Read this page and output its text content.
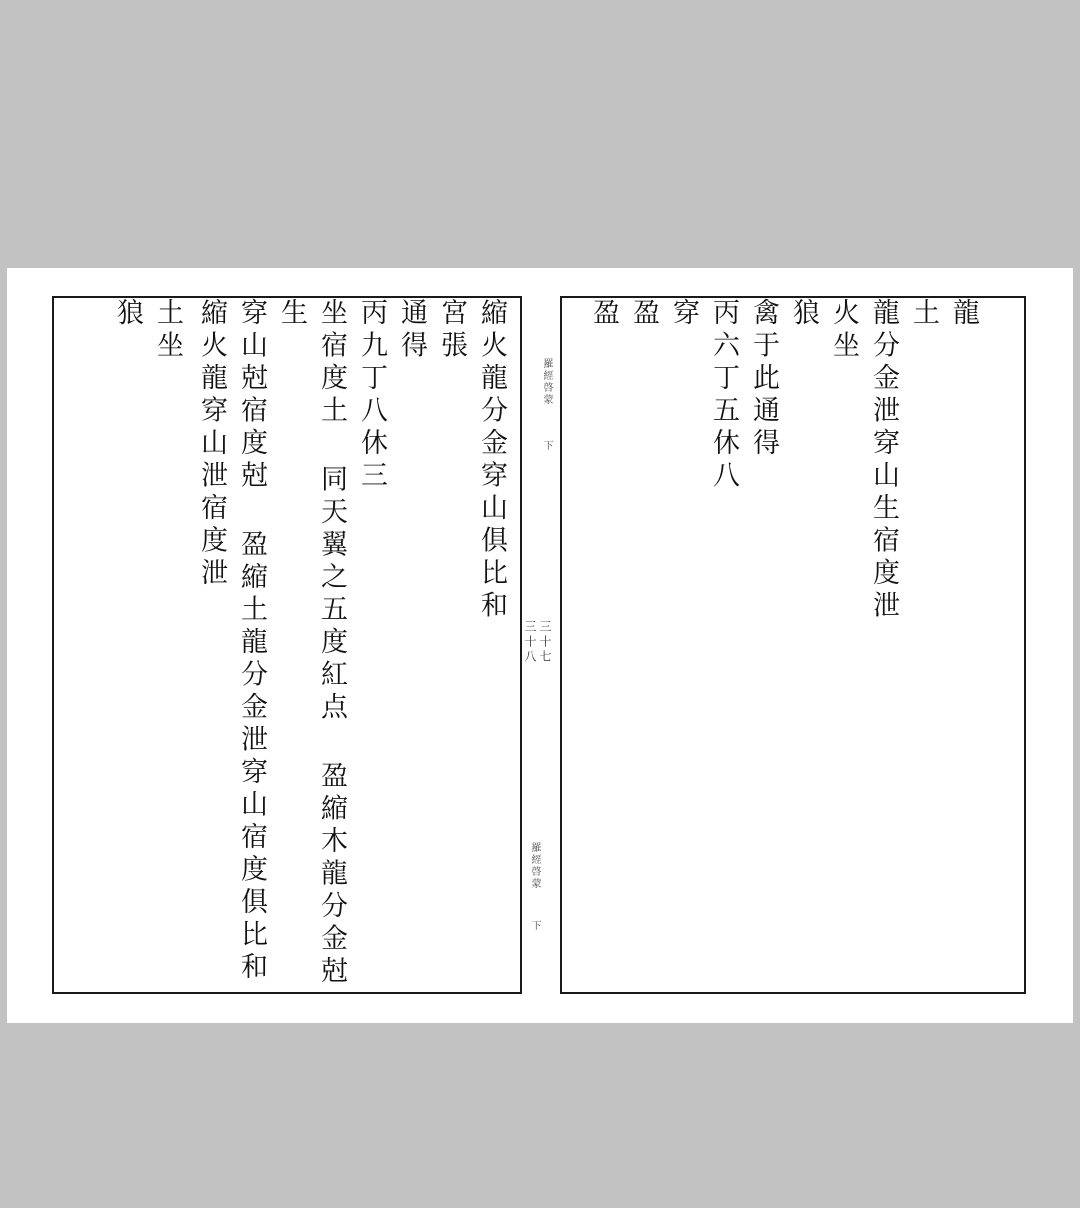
縮火龍分金穿山俱比和
宮張
通得
丙九丁八休三
坐宿度土 同天翼之五度紅点 盈縮木龍分金尅
生
穿山尅宿度尅 盈縮土龍分金泄穿山宿度俱比和
縮火龍穿山泄宿度泄
土坐
狼
羅經啓蒙
下
三十七
三十八
羅經啓蒙
下
龍
土
龍分金泄穿山生宿度泄
火坐
狼
禽于此通得
丙六丁五休八
穿
盈
盈
